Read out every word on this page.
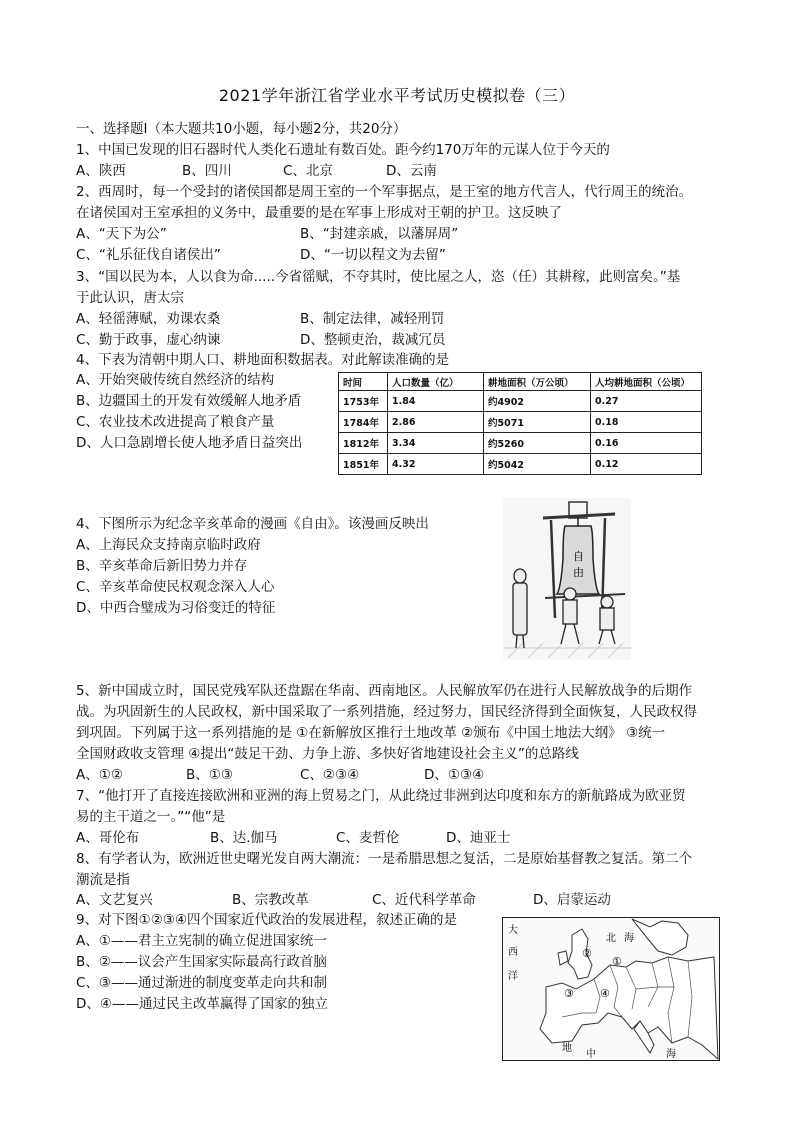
2021学年浙江省学业水平考试历史模拟卷（三）
一、选择题Ⅰ（本大题共10小题，每小题2分，共20分）
1、中国已发现的旧石器时代人类化石遗址有数百处。距今约170万年的元谋人位于今天的
A、陕西	B、四川	C、北京	D、云南
2、西周时，每一个受封的诸侯国都是周王室的一个军事据点，是王室的地方代言人，代行周王的统治。
在诸侯国对王室承担的义务中，最重要的是在军事上形成对王朝的护卫。这反映了
A、“天下为公”	B、“封建亲戚，以藩屏周”
C、“礼乐征伐自诸侯出”	D、“一切以程文为去留”
3、“国以民为本，人以食为命.....今省徭赋，不夺其时，使比屋之人，恣（任）其耕稼，此则富矣。”基
于此认识，唐太宗
A、轻徭薄赋，劝课农桑	B、制定法律，减轻刑罚
C、勤于政事，虚心纳谏	D、整顿吏治，裁减冗员
4、下表为清朝中期人口、耕地面积数据表。对此解读准确的是
A、开始突破传统自然经济的结构
B、边疆国土的开发有效缓解人地矛盾
C、农业技术改进提高了粮食产量
D、人口急剧增长使人地矛盾日益突出
时间	人口数量（亿）	耕地面积（万公顷）	人均耕地面积（公顷）
1753年	1.84	约4902	0.27
1784年	2.86	约5071	0.18
1812年	3.34	约5260	0.16
1851年	4.32	约5042	0.12
4、下图所示为纪念辛亥革命的漫画《自由》。该漫画反映出
A、上海民众支持南京临时政府
B、辛亥革命后新旧势力并存
C、辛亥革命使民权观念深入人心
D、中西合璧成为习俗变迁的特征
自
由
5、新中国成立时，国民党残军队还盘踞在华南、西南地区。人民解放军仍在进行人民解放战争的后期作
战。为巩固新生的人民政权，新中国采取了一系列措施，经过努力，国民经济得到全面恢复，人民政权得
到巩固。下列属于这一系列措施的是 ①在新解放区推行土地改革 ②颁布《中国土地法大纲》 ③统一
全国财政收支管理 ④提出“鼓足干劲、力争上游、多快好省地建设社会主义”的总路线
A、①②	B、①③	C、②③④	D、①③④
7、“他打开了直接连接欧洲和亚洲的海上贸易之门，从此绕过非洲到达印度和东方的新航路成为欧亚贸
易的主干道之一。”“他”是
A、哥伦布	B、达.伽马	C、麦哲伦	D、迪亚士
8、有学者认为，欧洲近世史曙光发自两大潮流：一是希腊思想之复活，二是原始基督教之复活。第二个
潮流是指
A、文艺复兴	B、宗教改革	C、近代科学革命	D、启蒙运动
9、对下图①②③④四个国家近代政治的发展进程，叙述正确的是
A、①——君主立宪制的确立促进国家统一
B、②——议会产生国家实际最高行政首脑
C、③——通过渐进的制度变革走向共和制
D、④——通过民主改革赢得了国家的独立
大
西
洋
北 海
地
中	海
①
②
③ ④
